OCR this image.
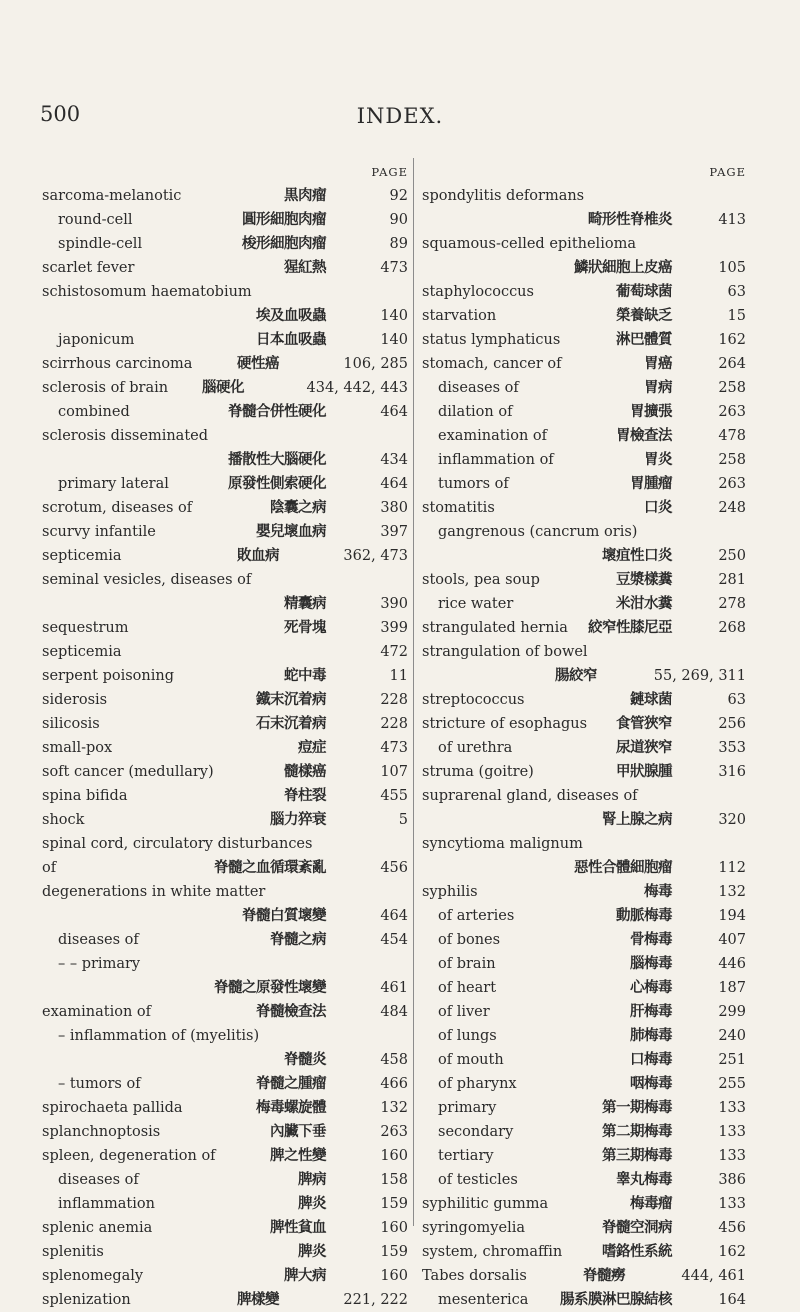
500	INDEX.
PAGE
sarcoma-melanotic	黒肉瘤	92
round-cell	圓形細胞肉瘤	90
spindle-cell	梭形細胞肉瘤	89
scarlet fever	猩紅熱	473
schistosomum haematobium
埃及血吸蟲	140
japonicum	日本血吸蟲	140
scirrhous carcinoma	硬性癌	106, 285
sclerosis of brain 腦硬化	434, 442, 443
combined	脊髓合併性硬化	464
sclerosis disseminated
播散性大腦硬化	434
primary lateral	原發性側索硬化	464
scrotum, diseases of	陰囊之病	380
scurvy infantile	嬰兒壞血病	397
septicemia	敗血病	362, 473
seminal vesicles, diseases of
精囊病	390
sequestrum	死骨塊	399
septicemia	472
serpent poisoning	蛇中毒	11
siderosis	鐵末沉着病	228
silicosis	石末沉着病	228
small-pox	痘症	473
soft cancer (medullary)	髓樣癌	107
spina bifida	脊柱裂	455
shock	腦力猝衰	5
spinal cord, circulatory disturbances
of	脊髓之血循環紊亂	456
degenerations in white matter
脊髓白質壞變	464
diseases of	脊髓之病	454
– – primary
脊髓之原發性壞變	461
examination of	脊髓檢查法	484
– inflammation of (myelitis)
脊髓炎	458
– tumors of	脊髓之腫瘤	466
spirochaeta pallida	梅毒螺旋體	132
splanchnoptosis	內臟下垂	263
spleen, degeneration of	脾之性變	160
diseases of	脾病	158
inflammation	脾炎	159
splenic anemia	脾性貧血	160
splenitis	脾炎	159
splenomegaly	脾大病	160
splenization	脾樣變	221, 222
PAGE
spondylitis deformans
畸形性脊椎炎	413
squamous-celled epithelioma
鱗狀細胞上皮癌	105
staphylococcus	葡萄球菌	63
starvation	榮養缺乏	15
status lymphaticus	淋巴體質	162
stomach, cancer of	胃癌	264
diseases of	胃病	258
dilation of	胃擴張	263
examination of	胃檢查法	478
inflammation of	胃炎	258
tumors of	胃腫瘤	263
stomatitis	口炎	248
gangrenous (cancrum oris)
壞疽性口炎	250
stools, pea soup	豆漿樣糞	281
rice water	米泔水糞	278
strangulated hernia 絞窄性膝尼亞	268
strangulation of bowel
腸絞窄	55, 269, 311
streptococcus	鏈球菌	63
stricture of esophagus 食管狹窄	256
of urethra	尿道狹窄	353
struma (goitre)	甲狀腺腫	316
suprarenal gland, diseases of
腎上腺之病	320
syncytioma malignum
惡性合體細胞瘤	112
syphilis	梅毒	132
of arteries	動脈梅毒	194
of bones	骨梅毒	407
of brain	腦梅毒	446
of heart	心梅毒	187
of liver	肝梅毒	299
of lungs	肺梅毒	240
of mouth	口梅毒	251
of pharynx	咽梅毒	255
primary	第一期梅毒	133
secondary	第二期梅毒	133
tertiary	第三期梅毒	133
of testicles	睾丸梅毒	386
syphilitic gumma	梅毒瘤	133
syringomyelia	脊髓空洞病	456
system, chromaffin	嗜鉻性系統	162
Tabes dorsalis	脊髓癆	444, 461
mesenterica 腸系膜淋巴腺結核	164
